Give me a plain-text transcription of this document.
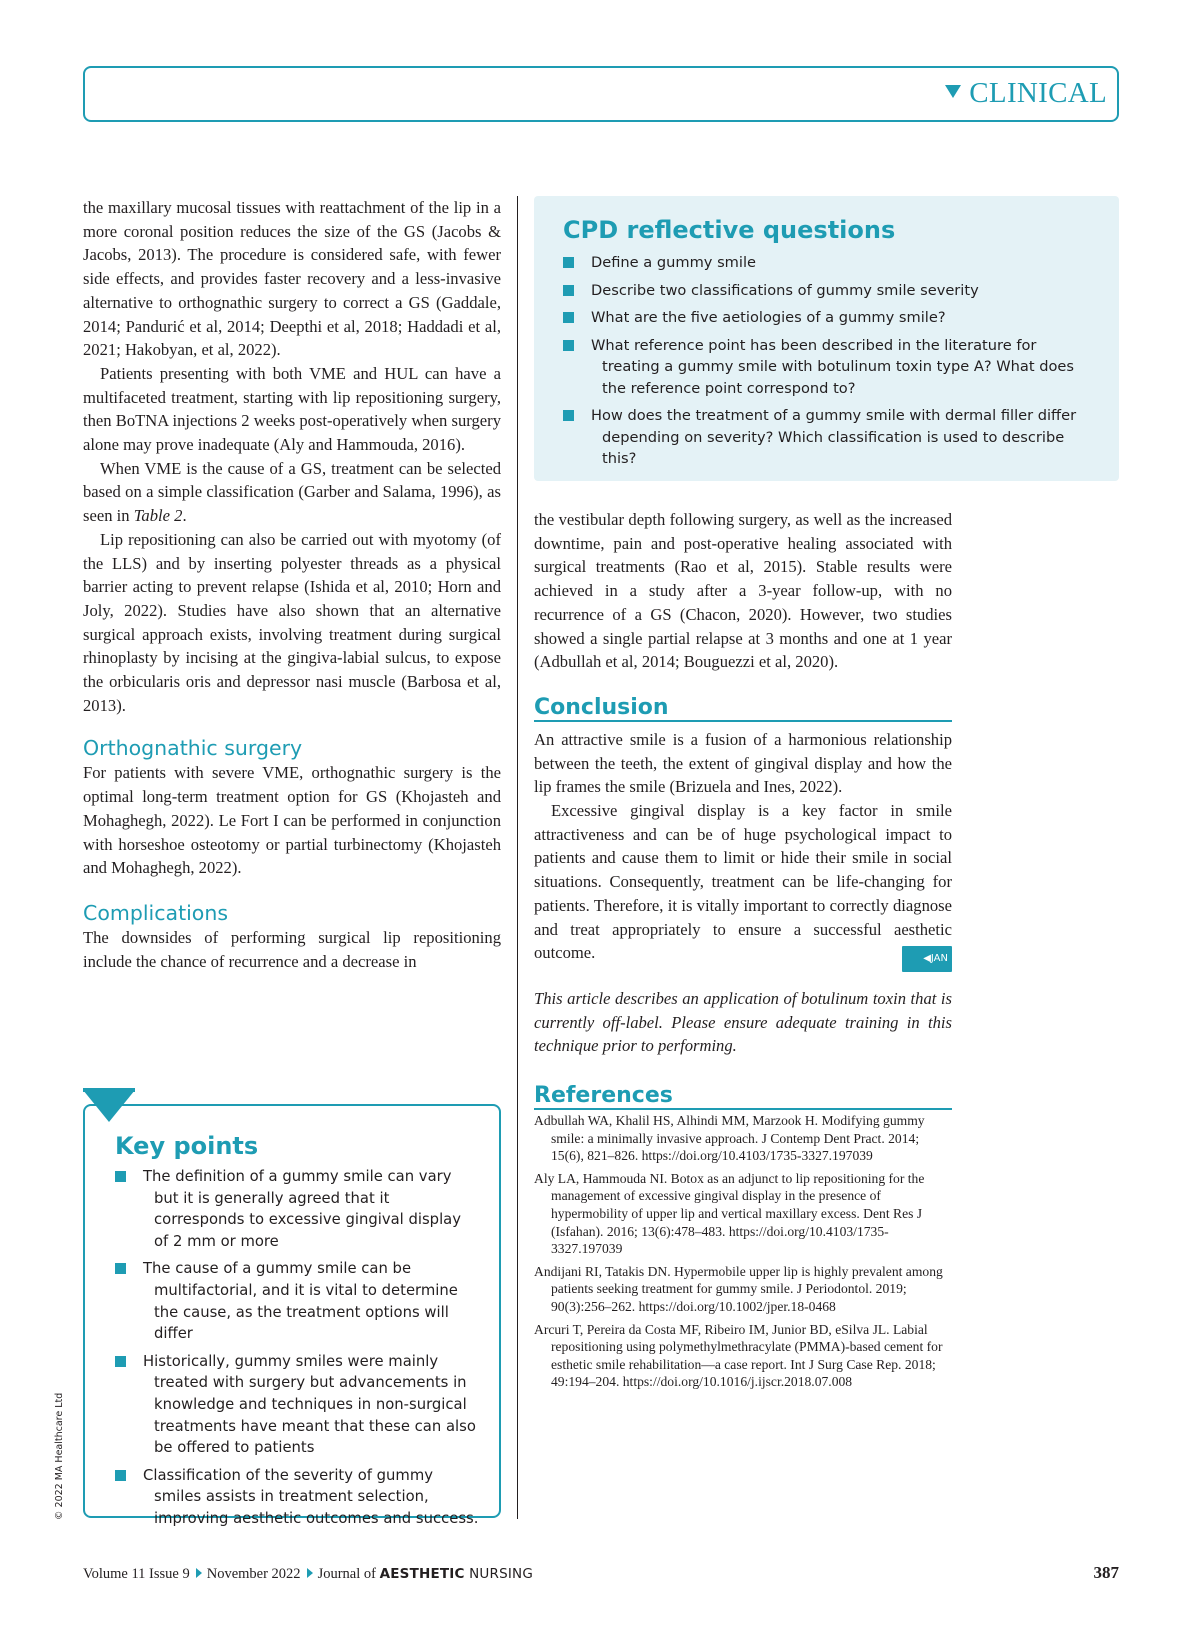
CLINICAL

the maxillary mucosal tissues with reattachment of the lip in a more coronal position reduces the size of the GS (Jacobs & Jacobs, 2013). The procedure is considered safe, with fewer side effects, and provides faster recovery and a less-invasive alternative to orthognathic surgery to correct a GS (Gaddale, 2014; Pandurić et al, 2014; Deepthi et al, 2018; Haddadi et al, 2021; Hakobyan, et al, 2022).

Patients presenting with both VME and HUL can have a multifaceted treatment, starting with lip repositioning surgery, then BoTNA injections 2 weeks post-operatively when surgery alone may prove inadequate (Aly and Hammouda, 2016).

When VME is the cause of a GS, treatment can be selected based on a simple classification (Garber and Salama, 1996), as seen in Table 2.

Lip repositioning can also be carried out with myotomy (of the LLS) and by inserting polyester threads as a physical barrier acting to prevent relapse (Ishida et al, 2010; Horn and Joly, 2022). Studies have also shown that an alternative surgical approach exists, involving treatment during surgical rhinoplasty by incising at the gingiva-labial sulcus, to expose the orbicularis oris and depressor nasi muscle (Barbosa et al, 2013).

Orthognathic surgery

For patients with severe VME, orthognathic surgery is the optimal long-term treatment option for GS (Khojasteh and Mohaghegh, 2022). Le Fort I can be performed in conjunction with horseshoe osteotomy or partial turbinectomy (Khojasteh and Mohaghegh, 2022).

Complications

The downsides of performing surgical lip repositioning include the chance of recurrence and a decrease in

CPD reflective questions
Define a gummy smile
Describe two classifications of gummy smile severity
What are the five aetiologies of a gummy smile?
What reference point has been described in the literature for treating a gummy smile with botulinum toxin type A? What does the reference point correspond to?
How does the treatment of a gummy smile with dermal filler differ depending on severity? Which classification is used to describe this?

the vestibular depth following surgery, as well as the increased downtime, pain and post-operative healing associated with surgical treatments (Rao et al, 2015). Stable results were achieved in a study after a 3-year follow-up, with no recurrence of a GS (Chacon, 2020). However, two studies showed a single partial relapse at 3 months and one at 1 year (Adbullah et al, 2014; Bouguezzi et al, 2020).

Conclusion

An attractive smile is a fusion of a harmonious relationship between the teeth, the extent of gingival display and how the lip frames the smile (Brizuela and Ines, 2022).

Excessive gingival display is a key factor in smile attractiveness and can be of huge psychological impact to patients and cause them to limit or hide their smile in social situations. Consequently, treatment can be life-changing for patients. Therefore, it is vitally important to correctly diagnose and treat appropriately to ensure a successful aesthetic outcome.	◀JAN

This article describes an application of botulinum toxin that is currently off-label. Please ensure adequate training in this technique prior to performing.

References

Adbullah WA, Khalil HS, Alhindi MM, Marzook H. Modifying gummy smile: a minimally invasive approach. J Contemp Dent Pract. 2014; 15(6), 821–826. https://doi.org/10.4103/1735-3327.197039

Aly LA, Hammouda NI. Botox as an adjunct to lip repositioning for the management of excessive gingival display in the presence of hypermobility of upper lip and vertical maxillary excess. Dent Res J (Isfahan). 2016; 13(6):478–483. https://doi.org/10.4103/1735-3327.197039

Andijani RI, Tatakis DN. Hypermobile upper lip is highly prevalent among patients seeking treatment for gummy smile. J Periodontol. 2019; 90(3):256–262. https://doi.org/10.1002/jper.18-0468

Arcuri T, Pereira da Costa MF, Ribeiro IM, Junior BD, eSilva JL. Labial repositioning using polymethylmethracylate (PMMA)-based cement for esthetic smile rehabilitation—a case report. Int J Surg Case Rep. 2018; 49:194–204. https://doi.org/10.1016/j.ijscr.2018.07.008

Key points
The definition of a gummy smile can vary but it is generally agreed that it corresponds to excessive gingival display of 2 mm or more
The cause of a gummy smile can be multifactorial, and it is vital to determine the cause, as the treatment options will differ
Historically, gummy smiles were mainly treated with surgery but advancements in knowledge and techniques in non-surgical treatments have meant that these can also be offered to patients
Classification of the severity of gummy smiles assists in treatment selection, improving aesthetic outcomes and success.
© 2022 MA Healthcare Ltd
Volume 11 Issue 9 November 2022 Journal of AESTHETIC NURSING	387
